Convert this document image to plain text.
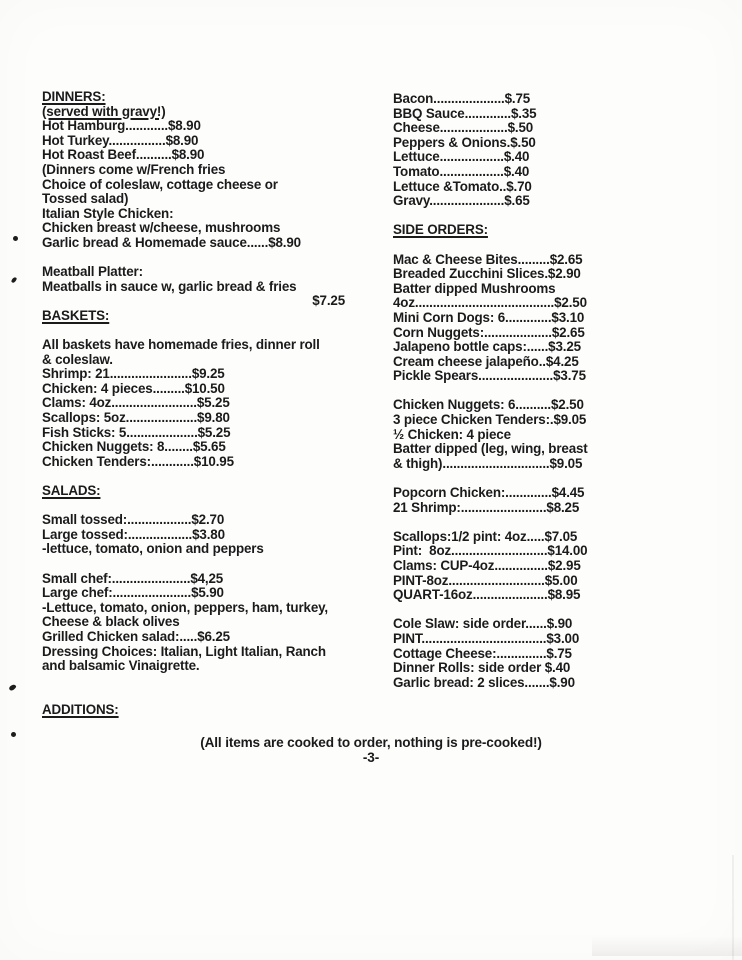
DINNERS:
(served with gravy!)
Hot Hamburg............$8.90
Hot Turkey................$8.90
Hot Roast Beef..........$8.90
(Dinners come w/French fries
Choice of coleslaw, cottage cheese or
Tossed salad)
Italian Style Chicken:
Chicken breast w/cheese, mushrooms
Garlic bread & Homemade sauce......$8.90

Meatball Platter:
Meatballs in sauce w, garlic bread & fries
$7.25
BASKETS:

All baskets have homemade fries, dinner roll
& coleslaw.
Shrimp: 21.......................$9.25
Chicken: 4 pieces.........$10.50
Clams: 4oz........................$5.25
Scallops: 5oz....................$9.80
Fish Sticks: 5....................$5.25
Chicken Nuggets: 8........$5.65
Chicken Tenders:............$10.95

SALADS:

Small tossed:..................$2.70
Large tossed:..................$3.80
-lettuce, tomato, onion and peppers

Small chef:......................$4,25
Large chef:......................$5.90
-Lettuce, tomato, onion, peppers, ham, turkey,
Cheese & black olives
Grilled Chicken salad:.....$6.25
Dressing Choices: Italian, Light Italian, Ranch
and balsamic Vinaigrette.

ADDITIONS:
Bacon....................$.75
BBQ Sauce.............$.35
Cheese...................$.50
Peppers & Onions.$.50
Lettuce..................$.40
Tomato..................$.40
Lettuce &Tomato..$.70
Gravy.....................$.65

SIDE ORDERS:

Mac & Cheese Bites.........$2.65
Breaded Zucchini Slices.$2.90
Batter dipped Mushrooms
4oz.......................................$2.50
Mini Corn Dogs: 6.............$3.10
Corn Nuggets:...................$2.65
Jalapeno bottle caps:......$3.25
Cream cheese jalapeño..$4.25
Pickle Spears.....................$3.75

Chicken Nuggets: 6..........$2.50
3 piece Chicken Tenders:.$9.05
½ Chicken: 4 piece
Batter dipped (leg, wing, breast
& thigh)..............................$9.05

Popcorn Chicken:.............$4.45
21 Shrimp:........................$8.25

Scallops:1/2 pint: 4oz.....$7.05
Pint:  8oz...........................$14.00
Clams: CUP-4oz...............$2.95
PINT-8oz...........................$5.00
QUART-16oz.....................$8.95

Cole Slaw: side order......$.90
PINT...................................$3.00
Cottage Cheese:..............$.75
Dinner Rolls: side order $.40
Garlic bread: 2 slices.......$.90
(All items are cooked to order, nothing is pre-cooked!)
-3-
